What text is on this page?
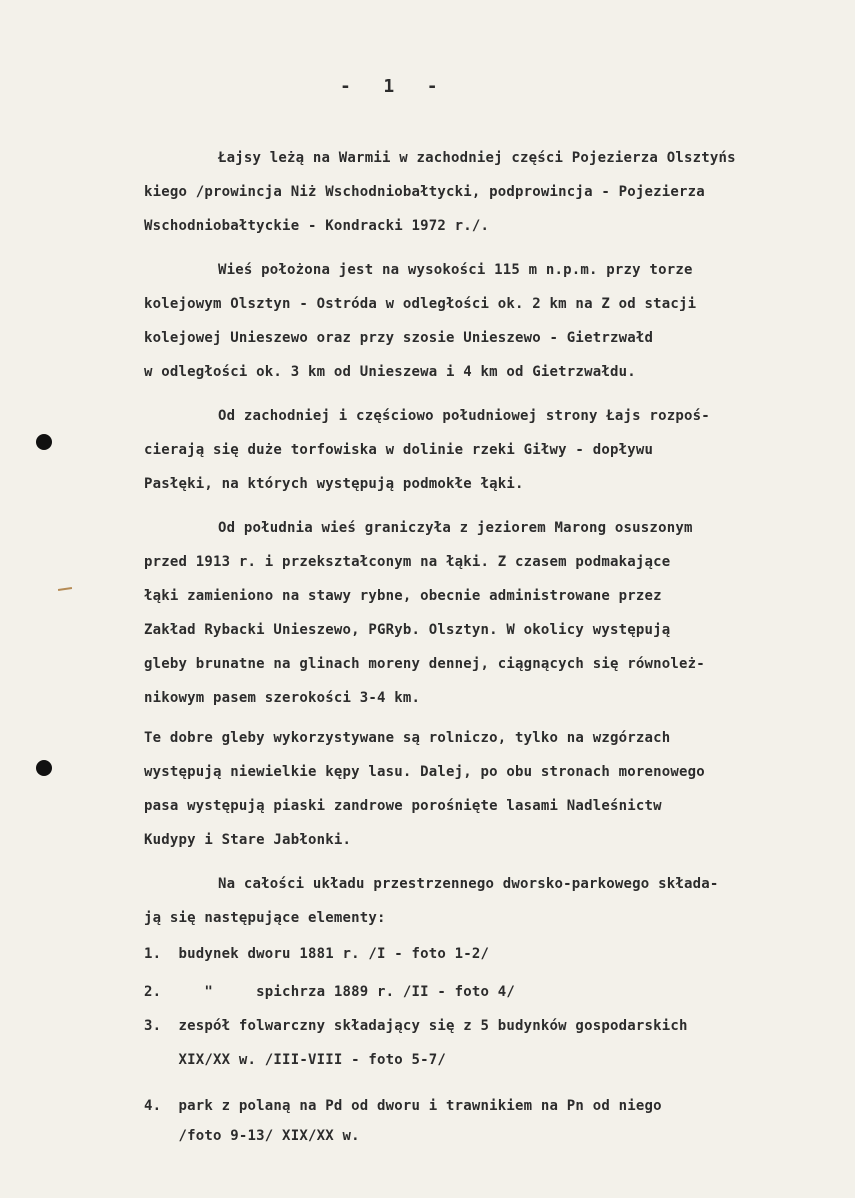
-   1   -
Łajsy leżą na Warmii w zachodniej części Pojezierza Olsztyńs
kiego /prowincja Niż Wschodniobałtycki, podprowincja - Pojezierza
Wschodniobałtyckie - Kondracki 1972 r./.
Wieś położona jest na wysokości 115 m n.p.m. przy torze
kolejowym Olsztyn - Ostróda w odległości ok. 2 km na Z od stacji
kolejowej Unieszewo oraz przy szosie Unieszewo - Gietrzwałd
w odległości ok. 3 km od Unieszewa i 4 km od Gietrzwałdu.
Od zachodniej i częściowo południowej strony Łajs rozpoś-
cierają się duże torfowiska w dolinie rzeki Giłwy - dopływu
Pasłęki, na których występują podmokłe łąki.
Od południa wieś graniczyła z jeziorem Marong osuszonym
przed 1913 r. i przekształconym na łąki. Z czasem podmakające
łąki zamieniono na stawy rybne, obecnie administrowane przez
Zakład Rybacki Unieszewo, PGRyb. Olsztyn. W okolicy występują
gleby brunatne na glinach moreny dennej, ciągnących się równoleż-
nikowym pasem szerokości 3-4 km.
Te dobre gleby wykorzystywane są rolniczo, tylko na wzgórzach
występują niewielkie kępy lasu. Dalej, po obu stronach morenowego
pasa występują piaski zandrowe porośnięte lasami Nadleśnictw
Kudypy i Stare Jabłonki.
Na całości układu przestrzennego dworsko-parkowego składa-
ją się następujące elementy:
1.  budynek dworu 1881 r. /I - foto 1-2/
2.     "     spichrza 1889 r. /II - foto 4/
3.  zespół folwarczny składający się z 5 budynków gospodarskich
XIX/XX w. /III-VIII - foto 5-7/
4.  park z polaną na Pd od dworu i trawnikiem na Pn od niego
/foto 9-13/ XIX/XX w.
